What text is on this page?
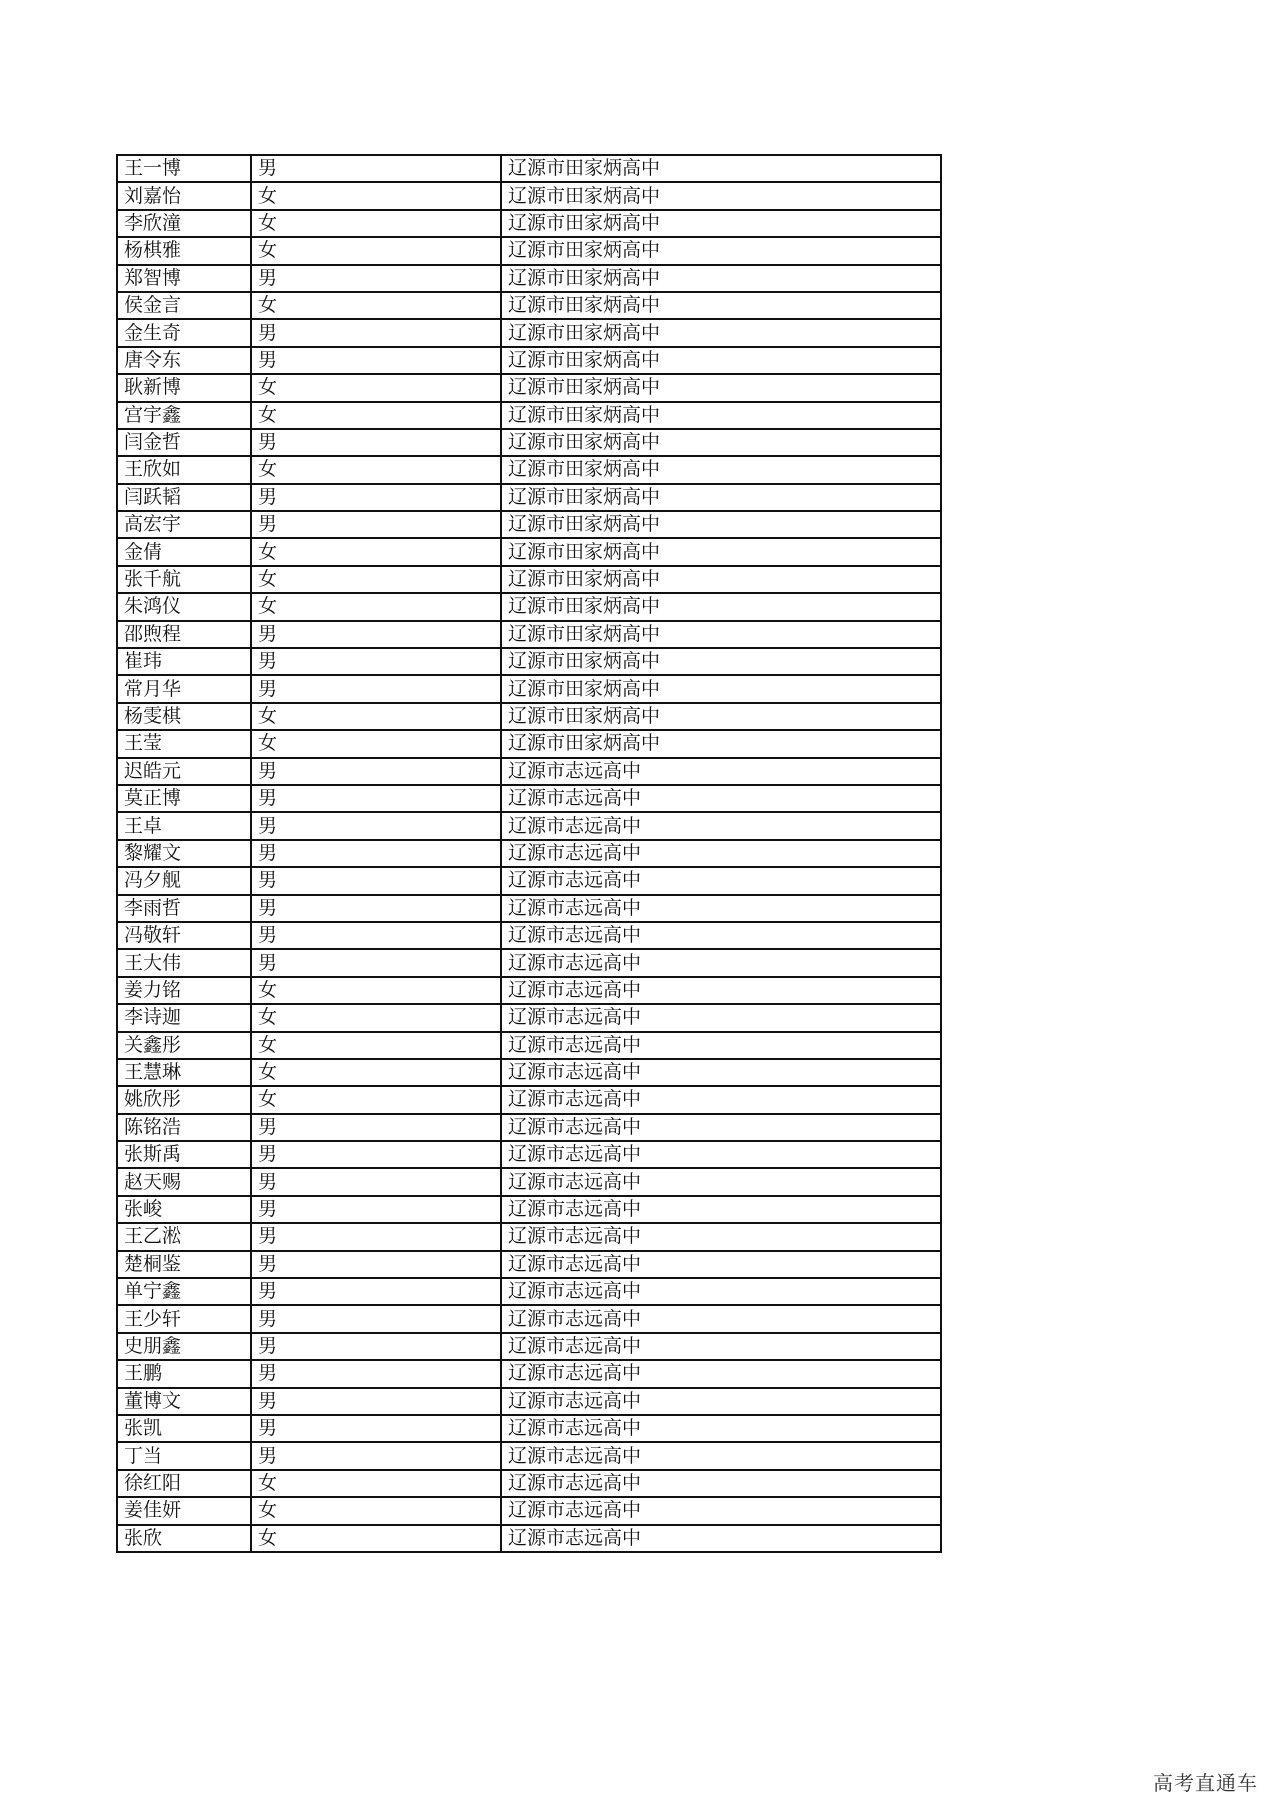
王一博	男	辽源市田家炳高中
刘嘉怡	女	辽源市田家炳高中
李欣潼	女	辽源市田家炳高中
杨棋雅	女	辽源市田家炳高中
郑智博	男	辽源市田家炳高中
侯金言	女	辽源市田家炳高中
金生奇	男	辽源市田家炳高中
唐令东	男	辽源市田家炳高中
耿新博	女	辽源市田家炳高中
宫宇鑫	女	辽源市田家炳高中
闫金哲	男	辽源市田家炳高中
王欣如	女	辽源市田家炳高中
闫跃韬	男	辽源市田家炳高中
高宏宇	男	辽源市田家炳高中
金倩	女	辽源市田家炳高中
张千航	女	辽源市田家炳高中
朱鸿仪	女	辽源市田家炳高中
邵煦程	男	辽源市田家炳高中
崔玮	男	辽源市田家炳高中
常月华	男	辽源市田家炳高中
杨雯棋	女	辽源市田家炳高中
王莹	女	辽源市田家炳高中
迟皓元	男	辽源市志远高中
莫正博	男	辽源市志远高中
王卓	男	辽源市志远高中
黎耀文	男	辽源市志远高中
冯夕舰	男	辽源市志远高中
李雨哲	男	辽源市志远高中
冯敬轩	男	辽源市志远高中
王大伟	男	辽源市志远高中
姜力铭	女	辽源市志远高中
李诗迦	女	辽源市志远高中
关鑫彤	女	辽源市志远高中
王慧琳	女	辽源市志远高中
姚欣彤	女	辽源市志远高中
陈铭浩	男	辽源市志远高中
张斯禹	男	辽源市志远高中
赵天赐	男	辽源市志远高中
张峻	男	辽源市志远高中
王乙淞	男	辽源市志远高中
楚桐鉴	男	辽源市志远高中
单宁鑫	男	辽源市志远高中
王少轩	男	辽源市志远高中
史朋鑫	男	辽源市志远高中
王鹏	男	辽源市志远高中
董博文	男	辽源市志远高中
张凯	男	辽源市志远高中
丁当	男	辽源市志远高中
徐红阳	女	辽源市志远高中
姜佳妍	女	辽源市志远高中
张欣	女	辽源市志远高中
高考直通车
